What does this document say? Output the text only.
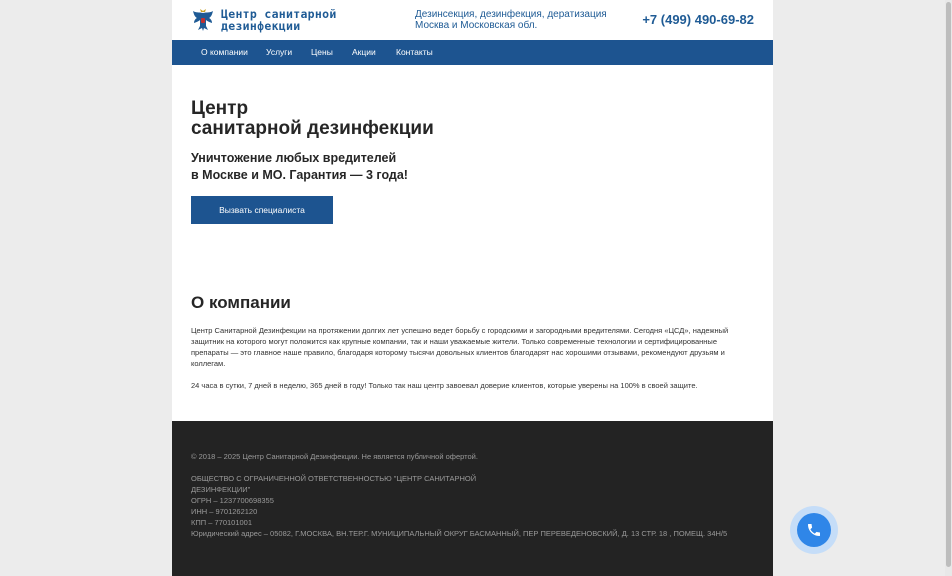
Центр санитарной
дезинфекции
Дезинсекция, дезинфекция, дератизация
Москва и Московская обл.	+7 (499) 490-69-82
О компании Услуги Цены Акции Контакты
Центр
санитарной дезинфекции
Уничтожение любых вредителей
в Москве и МО. Гарантия — 3 года!
Вызвать специалиста
О компании

Центр Санитарной Дезинфекции на протяжении долгих лет успешно ведет борьбу с городскими и загородными вредителями. Сегодня «ЦСД», надежный защитник на которого могут положится как крупные компании, так и наши уважаемые жители. Только современные технологии и сертифицированные препараты — это главное наше правило, благодаря которому тысячи довольных клиентов благодарят нас хорошими отзывами, рекомендуют друзьям и коллегам.

24 часа в сутки, 7 дней в неделю, 365 дней в году! Только так наш центр завоевал доверие клиентов, которые уверены на 100% в своей защите.

© 2018 – 2025 Центр Санитарной Дезинфекции. Не является публичной офертой.
ОБЩЕСТВО С ОГРАНИЧЕННОЙ ОТВЕТСТВЕННОСТЬЮ "ЦЕНТР САНИТАРНОЙ ДЕЗИНФЕКЦИИ"
ОГРН – 1237700698355
ИНН – 9701262120
КПП – 770101001
Юридический адрес – 05082, Г.МОСКВА, ВН.ТЕР.Г. МУНИЦИПАЛЬНЫЙ ОКРУГ БАСМАННЫЙ, ПЕР ПЕРЕВЕДЕНОВСКИЙ, Д. 13 СТР. 18 , ПОМЕЩ. 34Н/5
